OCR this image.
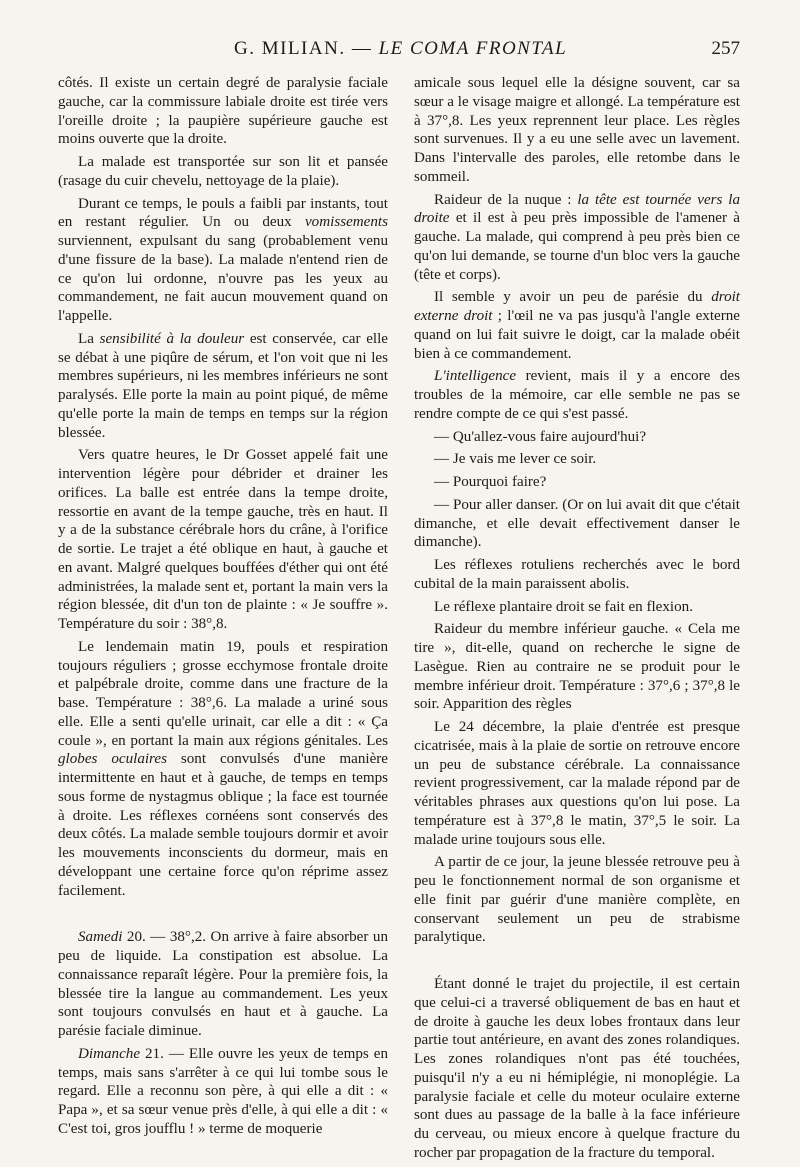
G. MILIAN. — LE COMA FRONTAL	257

côtés. Il existe un certain degré de paralysie faciale gauche, car la commissure labiale droite est tirée vers l'oreille droite ; la paupière supérieure gauche est moins ouverte que la droite.

La malade est transportée sur son lit et pansée (rasage du cuir chevelu, nettoyage de la plaie).

Durant ce temps, le pouls a faibli par instants, tout en restant régulier. Un ou deux vomissements surviennent, expulsant du sang (probablement venu d'une fissure de la base). La malade n'entend rien de ce qu'on lui ordonne, n'ouvre pas les yeux au commandement, ne fait aucun mouvement quand on l'appelle.

La sensibilité à la douleur est conservée, car elle se débat à une piqûre de sérum, et l'on voit que ni les membres supérieurs, ni les membres inférieurs ne sont paralysés. Elle porte la main au point piqué, de même qu'elle porte la main de temps en temps sur la région blessée.

Vers quatre heures, le Dr Gosset appelé fait une intervention légère pour débrider et drainer les orifices. La balle est entrée dans la tempe droite, ressortie en avant de la tempe gauche, très en haut. Il y a de la substance cérébrale hors du crâne, à l'orifice de sortie. Le trajet a été oblique en haut, à gauche et en avant. Malgré quelques bouffées d'éther qui ont été administrées, la malade sent et, portant la main vers la région blessée, dit d'un ton de plainte : « Je souffre ». Température du soir : 38°,8.

Le lendemain matin 19, pouls et respiration toujours réguliers ; grosse ecchymose frontale droite et palpébrale droite, comme dans une fracture de la base. Température : 38°,6. La malade a uriné sous elle. Elle a senti qu'elle urinait, car elle a dit : « Ça coule », en portant la main aux régions génitales. Les globes oculaires sont convulsés d'une manière intermittente en haut et à gauche, de temps en temps sous forme de nystagmus oblique ; la face est tournée à droite. Les réflexes cornéens sont conservés des deux côtés. La malade semble toujours dormir et avoir les mouvements inconscients du dormeur, mais en développant une certaine force qu'on réprime assez facilement.

Samedi 20. — 38°,2. On arrive à faire absorber un peu de liquide. La constipation est absolue. La connaissance reparaît légère. Pour la première fois, la blessée tire la langue au commandement. Les yeux sont toujours convulsés en haut et à gauche. La parésie faciale diminue.

Dimanche 21. — Elle ouvre les yeux de temps en temps, mais sans s'arrêter à ce qui lui tombe sous le regard. Elle a reconnu son père, à qui elle a dit : « Papa », et sa sœur venue près d'elle, à qui elle a dit : « C'est toi, gros joufflu ! » terme de moquerie

amicale sous lequel elle la désigne souvent, car sa sœur a le visage maigre et allongé. La température est à 37°,8. Les yeux reprennent leur place. Les règles sont survenues. Il y a eu une selle avec un lavement. Dans l'intervalle des paroles, elle retombe dans le sommeil.

Raideur de la nuque : la tête est tournée vers la droite et il est à peu près impossible de l'amener à gauche. La malade, qui comprend à peu près bien ce qu'on lui demande, se tourne d'un bloc vers la gauche (tête et corps).

Il semble y avoir un peu de parésie du droit externe droit ; l'œil ne va pas jusqu'à l'angle externe quand on lui fait suivre le doigt, car la malade obéit bien à ce commandement.

L'intelligence revient, mais il y a encore des troubles de la mémoire, car elle semble ne pas se rendre compte de ce qui s'est passé.

— Qu'allez-vous faire aujourd'hui?

— Je vais me lever ce soir.

— Pourquoi faire?

— Pour aller danser. (Or on lui avait dit que c'était dimanche, et elle devait effectivement danser le dimanche).

Les réflexes rotuliens recherchés avec le bord cubital de la main paraissent abolis.

Le réflexe plantaire droit se fait en flexion.

Raideur du membre inférieur gauche. « Cela me tire », dit-elle, quand on recherche le signe de Lasègue. Rien au contraire ne se produit pour le membre inférieur droit. Température : 37°,6 ; 37°,8 le soir. Apparition des règles

Le 24 décembre, la plaie d'entrée est presque cicatrisée, mais à la plaie de sortie on retrouve encore un peu de substance cérébrale. La connaissance revient progressivement, car la malade répond par de véritables phrases aux questions qu'on lui pose. La température est à 37°,8 le matin, 37°,5 le soir. La malade urine toujours sous elle.

A partir de ce jour, la jeune blessée retrouve peu à peu le fonctionnement normal de son organisme et elle finit par guérir d'une manière complète, en conservant seulement un peu de strabisme paralytique.

Étant donné le trajet du projectile, il est certain que celui-ci a traversé obliquement de bas en haut et de droite à gauche les deux lobes frontaux dans leur partie tout antérieure, en avant des zones rolandiques. Les zones rolandiques n'ont pas été touchées, puisqu'il n'y a eu ni hémiplégie, ni monoplégie. La paralysie faciale et celle du moteur oculaire externe sont dues au passage de la balle à la face inférieure du cerveau, ou mieux encore à quelque fracture du rocher par propagation de la fracture du temporal.
